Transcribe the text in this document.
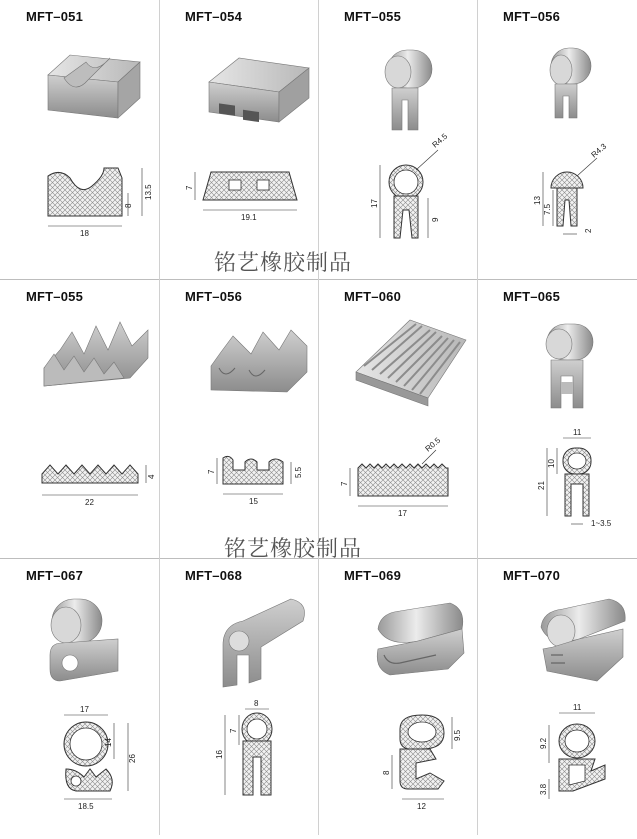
MFT–051
18
8
13.5
MFT–054
7
19.1
MFT–055
R4.5
17
9
MFT–056
R4.3
13
7.5
2
铭艺橡胶制品
MFT–055
22
4
MFT–056
7	5.5
15
MFT–060
R0.5
7
17
MFT–065
11
10
21
1~3.5
铭艺橡胶制品
MFT–067
17
14
26
18.5
MFT–068
8
7
16
MFT–069
9.5
8
12
MFT–070
11
9.2
3.8
